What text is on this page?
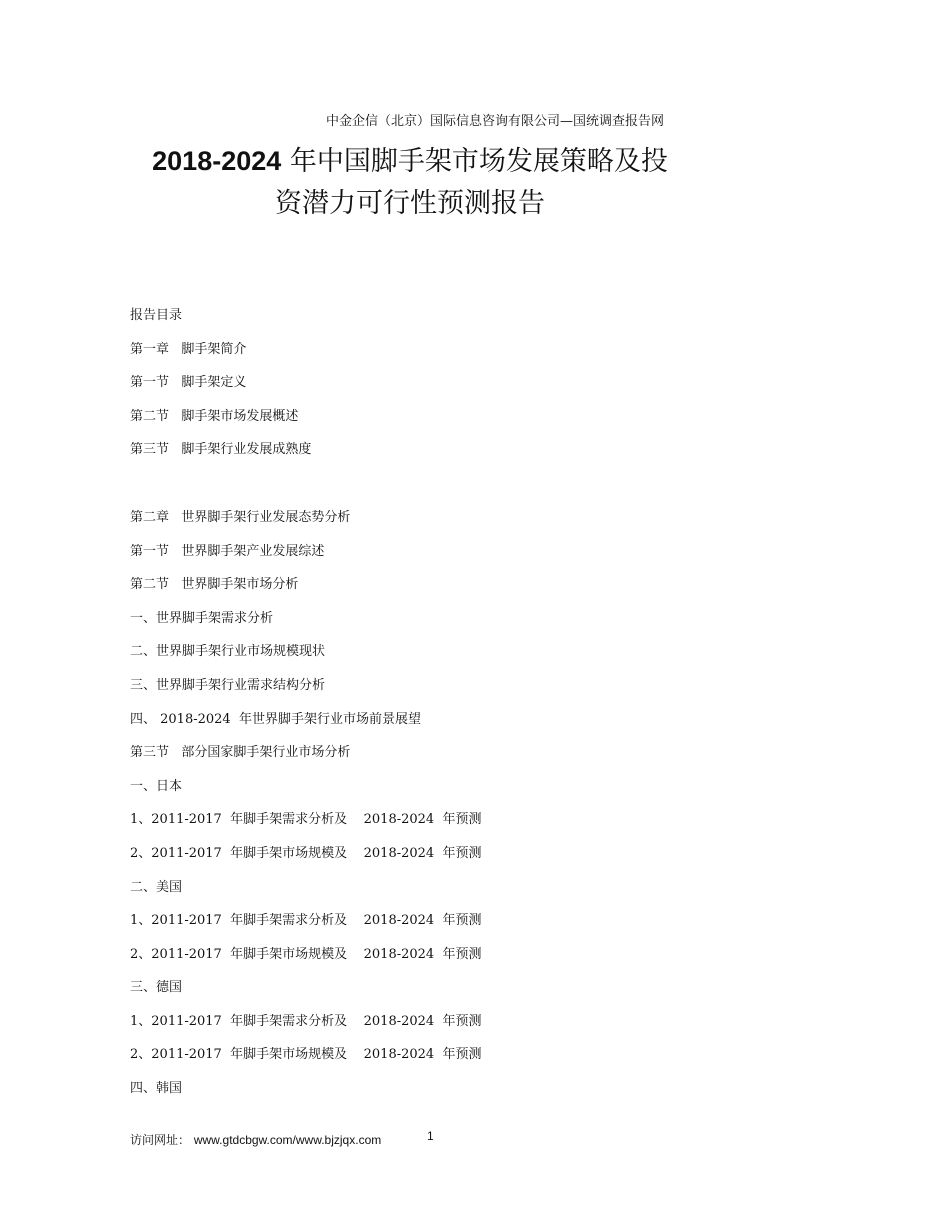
中金企信（北京）国际信息咨询有限公司—国统调查报告网
2018-2024 年中国脚手架市场发展策略及投
资潜力可行性预测报告
报告目录
第一章   脚手架简介
第一节   脚手架定义
第二节   脚手架市场发展概述
第三节   脚手架行业发展成熟度
第二章   世界脚手架行业发展态势分析
第一节   世界脚手架产业发展综述
第二节   世界脚手架市场分析
一、世界脚手架需求分析
二、世界脚手架行业市场规模现状
三、世界脚手架行业需求结构分析
四、 2018-2024  年世界脚手架行业市场前景展望
第三节   部分国家脚手架行业市场分析
一、日本
1、2011-2017  年脚手架需求分析及    2018-2024  年预测
2、2011-2017  年脚手架市场规模及    2018-2024  年预测
二、美国
1、2011-2017  年脚手架需求分析及    2018-2024  年预测
2、2011-2017  年脚手架市场规模及    2018-2024  年预测
三、德国
1、2011-2017  年脚手架需求分析及    2018-2024  年预测
2、2011-2017  年脚手架市场规模及    2018-2024  年预测
四、韩国
访问网址： www.gtdcbgw.com/www.bjzjqx.com	1
